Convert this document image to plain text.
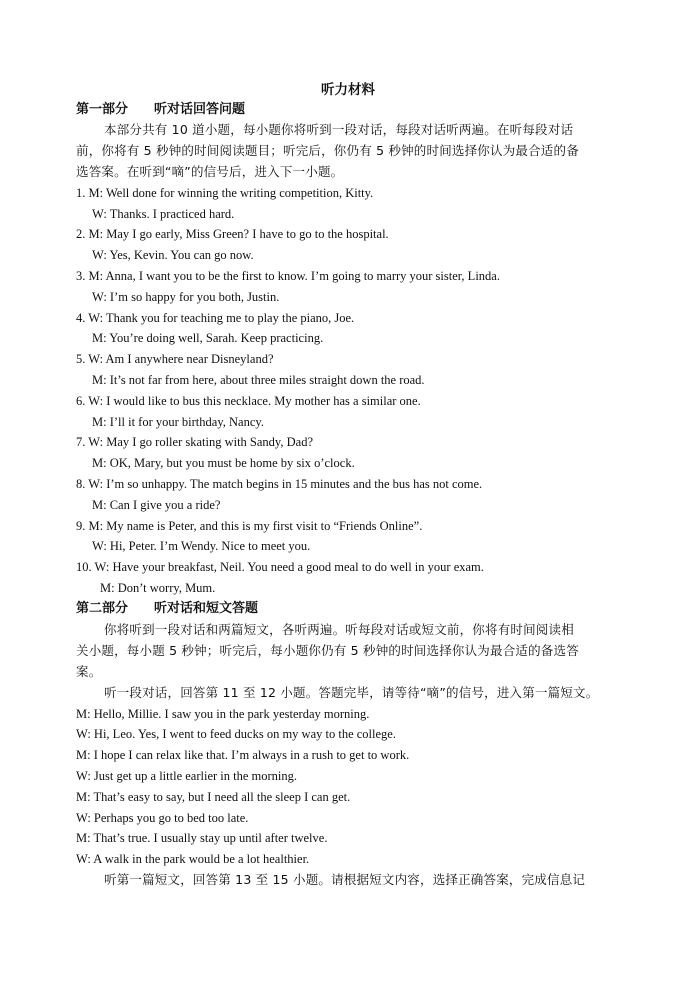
听力材料
第一部分　　听对话回答问题
本部分共有 10 道小题，每小题你将听到一段对话，每段对话听两遍。在听每段对话
前，你将有 5 秒钟的时间阅读题目；听完后，你仍有 5 秒钟的时间选择你认为最合适的备
选答案。在听到“嘀”的信号后，进入下一小题。
1. M: Well done for winning the writing competition, Kitty.
W: Thanks. I practiced hard.
2. M: May I go early, Miss Green? I have to go to the hospital.
W: Yes, Kevin. You can go now.
3. M: Anna, I want you to be the first to know. I’m going to marry your sister, Linda.
W: I’m so happy for you both, Justin.
4. W: Thank you for teaching me to play the piano, Joe.
M: You’re doing well, Sarah. Keep practicing.
5. W: Am I anywhere near Disneyland?
M: It’s not far from here, about three miles straight down the road.
6. W: I would like to bus this necklace. My mother has a similar one.
M: I’ll it for your birthday, Nancy.
7. W: May I go roller skating with Sandy, Dad?
M: OK, Mary, but you must be home by six o’clock.
8. W: I’m so unhappy. The match begins in 15 minutes and the bus has not come.
M: Can I give you a ride?
9. M: My name is Peter, and this is my first visit to “Friends Online”.
W: Hi, Peter. I’m Wendy. Nice to meet you.
10. W: Have your breakfast, Neil. You need a good meal to do well in your exam.
M: Don’t worry, Mum.
第二部分　　听对话和短文答题
你将听到一段对话和两篇短文，各听两遍。听每段对话或短文前，你将有时间阅读相
关小题，每小题 5 秒钟；听完后，每小题你仍有 5 秒钟的时间选择你认为最合适的备选答
案。
听一段对话，回答第 11 至 12 小题。答题完毕，请等待“嘀”的信号，进入第一篇短文。
M: Hello, Millie. I saw you in the park yesterday morning.
W: Hi, Leo. Yes, I went to feed ducks on my way to the college.
M: I hope I can relax like that. I’m always in a rush to get to work.
W: Just get up a little earlier in the morning.
M: That’s easy to say, but I need all the sleep I can get.
W: Perhaps you go to bed too late.
M: That’s true. I usually stay up until after twelve.
W: A walk in the park would be a lot healthier.
听第一篇短文，回答第 13 至 15 小题。请根据短文内容，选择正确答案，完成信息记
